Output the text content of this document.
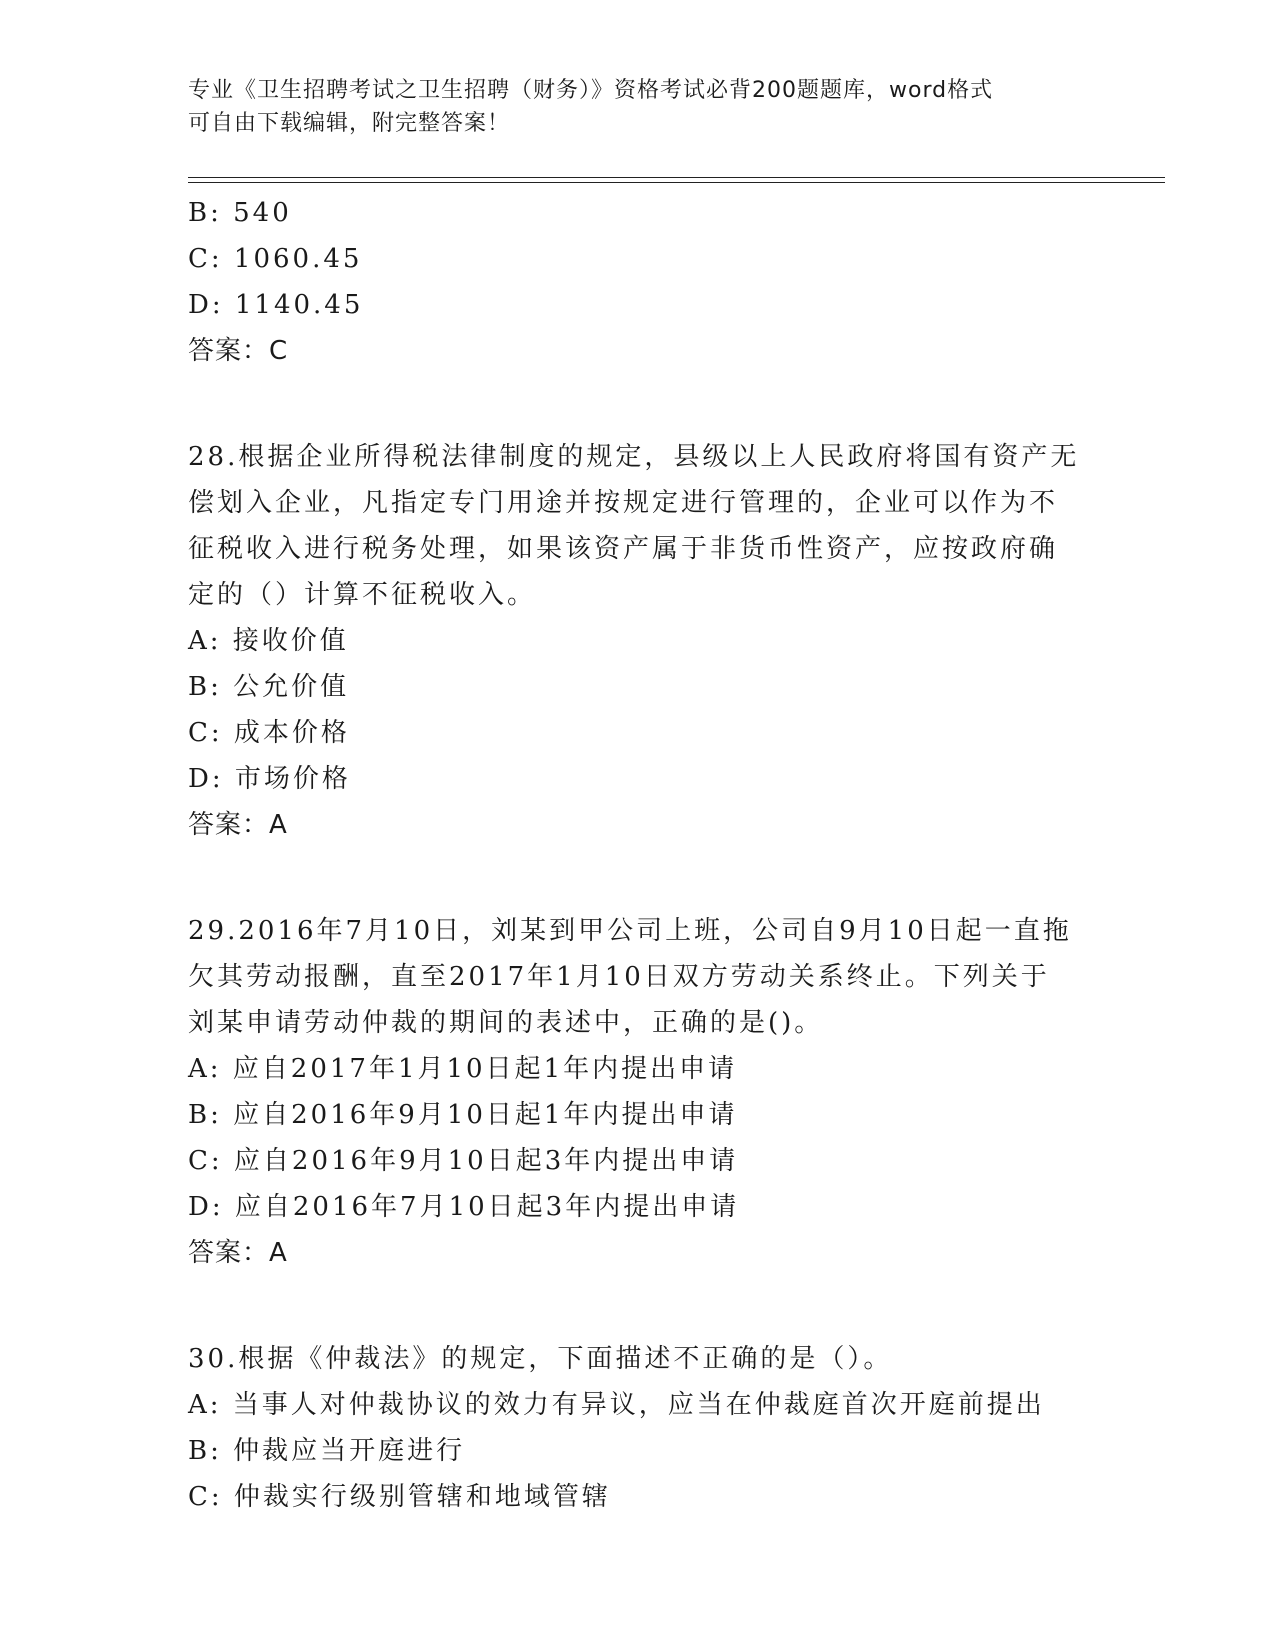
专业《卫生招聘考试之卫生招聘（财务）》资格考试必背200题题库，word格式
可自由下载编辑，附完整答案！
B: 540
C: 1060.45
D: 1140.45
答案：C
28.根据企业所得税法律制度的规定，县级以上人民政府将国有资产无
偿划入企业，凡指定专门用途并按规定进行管理的，企业可以作为不
征税收入进行税务处理，如果该资产属于非货币性资产，应按政府确
定的（）计算不征税收入。
A: 接收价值
B: 公允价值
C: 成本价格
D: 市场价格
答案：A
29.2016年7月10日，刘某到甲公司上班，公司自9月10日起一直拖
欠其劳动报酬，直至2017年1月10日双方劳动关系终止。下列关于
刘某申请劳动仲裁的期间的表述中，正确的是()。
A: 应自2017年1月10日起1年内提出申请
B: 应自2016年9月10日起1年内提出申请
C: 应自2016年9月10日起3年内提出申请
D: 应自2016年7月10日起3年内提出申请
答案：A
30.根据《仲裁法》的规定，下面描述不正确的是（）。
A: 当事人对仲裁协议的效力有异议，应当在仲裁庭首次开庭前提出
B: 仲裁应当开庭进行
C: 仲裁实行级别管辖和地域管辖
